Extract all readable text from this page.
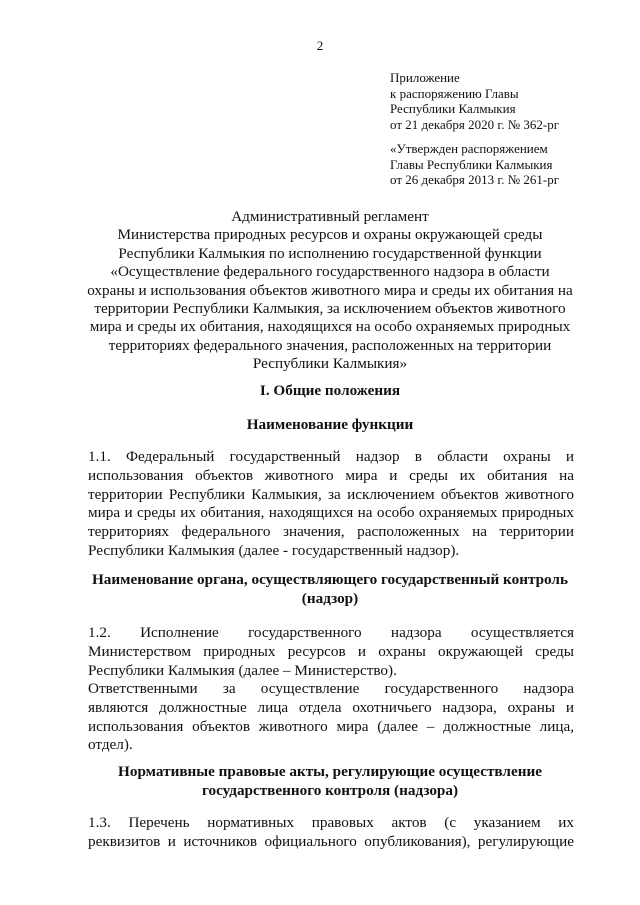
2
Приложение
к распоряжению Главы
Республики Калмыкия
от 21 декабря 2020 г. № 362-рг
«Утвержден распоряжением
Главы Республики Калмыкия
от 26 декабря 2013 г. № 261-рг
Административный регламент
Министерства природных ресурсов и охраны окружающей среды
Республики Калмыкия по исполнению государственной функции
«Осуществление федерального государственного надзора в области
охраны и использования объектов животного мира и среды их обитания на
территории Республики Калмыкия, за исключением объектов животного
мира и среды их обитания, находящихся на особо охраняемых природных
территориях федерального значения, расположенных на территории
Республики Калмыкия»
I. Общие положения
Наименование функции
1.1. Федеральный государственный надзор в области охраны и
использования объектов животного мира и среды их обитания на
территории Республики Калмыкия, за исключением объектов животного
мира и среды их обитания, находящихся на особо охраняемых природных
территориях федерального значения, расположенных на территории
Республики Калмыкия (далее - государственный надзор).
Наименование органа, осуществляющего государственный контроль
(надзор)
1.2. Исполнение государственного надзора осуществляется
Министерством природных ресурсов и охраны окружающей среды
Республики Калмыкия (далее – Министерство).
Ответственными за осуществление государственного надзора
являются должностные лица отдела охотничьего надзора, охраны и
использования объектов животного мира (далее – должностные лица,
отдел).
Нормативные правовые акты, регулирующие осуществление
государственного контроля (надзора)
1.3. Перечень нормативных правовых актов (с указанием их
реквизитов и источников официального опубликования), регулирующие
